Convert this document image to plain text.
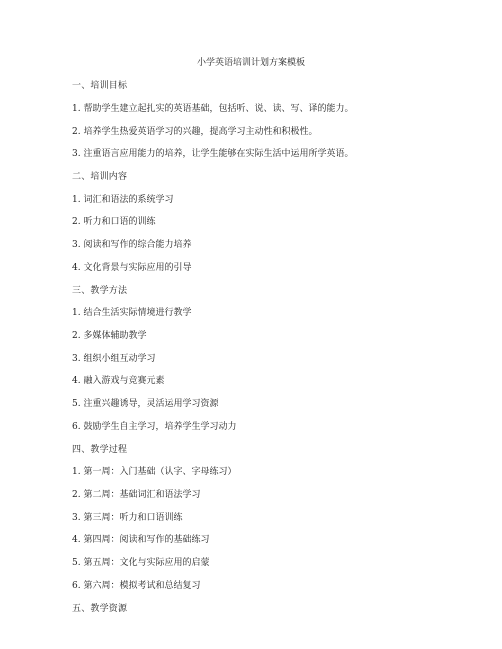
小学英语培训计划方案模板
一、培训目标
1. 帮助学生建立起扎实的英语基础，包括听、说、读、写、译的能力。
2. 培养学生热爱英语学习的兴趣，提高学习主动性和积极性。
3. 注重语言应用能力的培养，让学生能够在实际生活中运用所学英语。
二、培训内容
1. 词汇和语法的系统学习
2. 听力和口语的训练
3. 阅读和写作的综合能力培养
4. 文化背景与实际应用的引导
三、教学方法
1. 结合生活实际情境进行教学
2. 多媒体辅助教学
3. 组织小组互动学习
4. 融入游戏与竞赛元素
5. 注重兴趣诱导，灵活运用学习资源
6. 鼓励学生自主学习，培养学生学习动力
四、教学过程
1. 第一周：入门基础（认字、字母练习）
2. 第二周：基础词汇和语法学习
3. 第三周：听力和口语训练
4. 第四周：阅读和写作的基础练习
5. 第五周：文化与实际应用的启蒙
6. 第六周：模拟考试和总结复习
五、教学资源
